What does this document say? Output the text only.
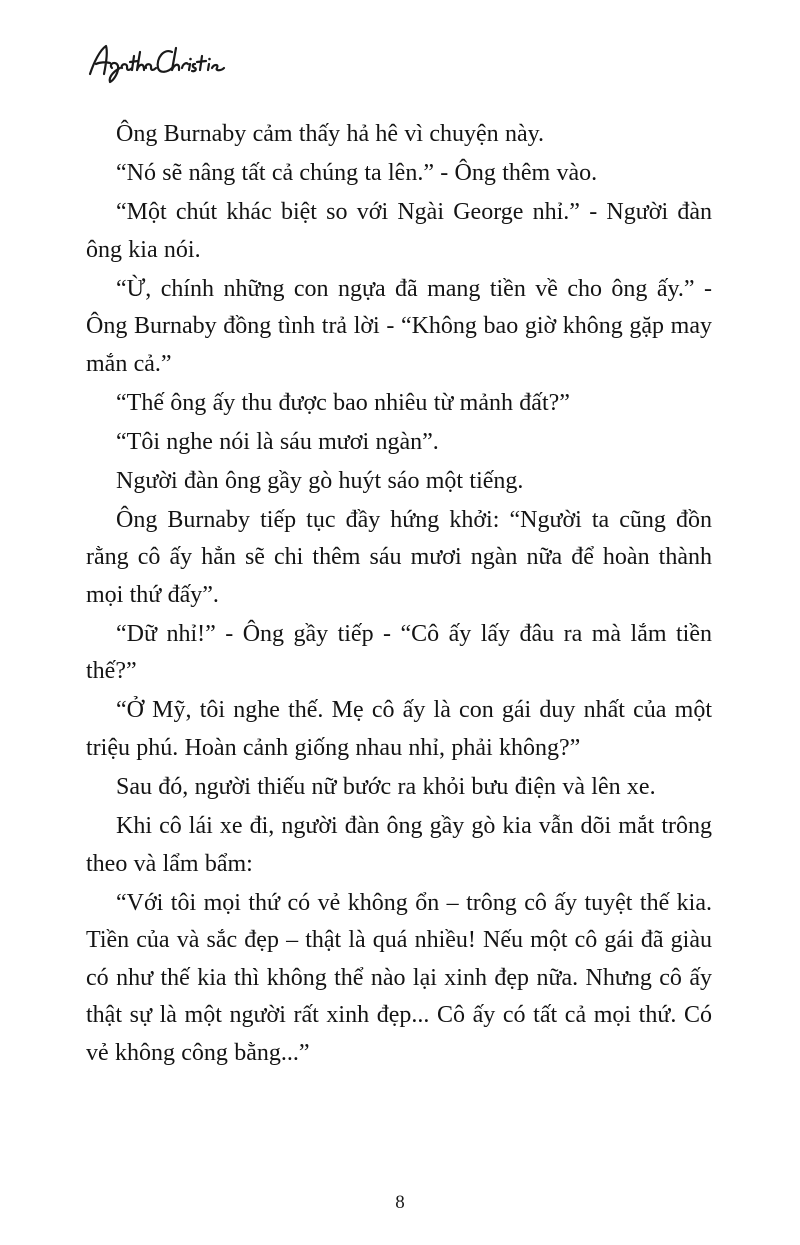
Ông Burnaby cảm thấy hả hê vì chuyện này.

“Nó sẽ nâng tất cả chúng ta lên.” - Ông thêm vào.

“Một chút khác biệt so với Ngài George nhỉ.” - Người đàn ông kia nói.

“Ừ, chính những con ngựa đã mang tiền về cho ông ấy.” - Ông Burnaby đồng tình trả lời - “Không bao giờ không gặp may mắn cả.”

“Thế ông ấy thu được bao nhiêu từ mảnh đất?”

“Tôi nghe nói là sáu mươi ngàn”.

Người đàn ông gầy gò huýt sáo một tiếng.

Ông Burnaby tiếp tục đầy hứng khởi: “Người ta cũng đồn rằng cô ấy hẳn sẽ chi thêm sáu mươi ngàn nữa để hoàn thành mọi thứ đấy”.

“Dữ nhỉ!” - Ông gầy tiếp - “Cô ấy lấy đâu ra mà lắm tiền thế?”

“Ở Mỹ, tôi nghe thế. Mẹ cô ấy là con gái duy nhất của một triệu phú. Hoàn cảnh giống nhau nhỉ, phải không?”

Sau đó, người thiếu nữ bước ra khỏi bưu điện và lên xe.

Khi cô lái xe đi, người đàn ông gầy gò kia vẫn dõi mắt trông theo và lẩm bẩm:

“Với tôi mọi thứ có vẻ không ổn – trông cô ấy tuyệt thế kia. Tiền của và sắc đẹp – thật là quá nhiều! Nếu một cô gái đã giàu có như thế kia thì không thể nào lại xinh đẹp nữa. Nhưng cô ấy thật sự là một người rất xinh đẹp... Cô ấy có tất cả mọi thứ. Có vẻ không công bằng...”

8
